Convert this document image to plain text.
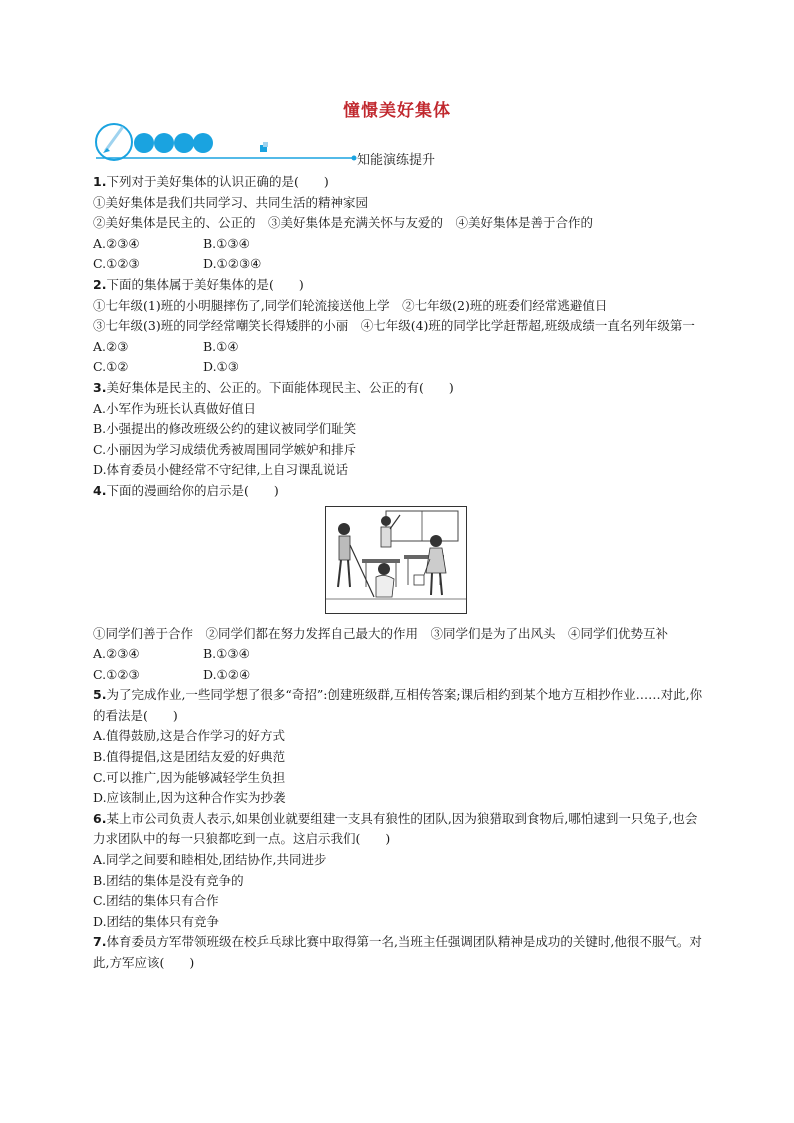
憧憬美好集体
知能演练提升
1.下列对于美好集体的认识正确的是(　　)
①美好集体是我们共同学习、共同生活的精神家园
②美好集体是民主的、公正的　③美好集体是充满关怀与友爱的　④美好集体是善于合作的
A.②③④	B.①③④
C.①②③	D.①②③④
2.下面的集体属于美好集体的是(　　)
①七年级(1)班的小明腿摔伤了,同学们轮流接送他上学　②七年级(2)班的班委们经常逃避值日
③七年级(3)班的同学经常嘲笑长得矮胖的小丽　④七年级(4)班的同学比学赶帮超,班级成绩一直名列年级第一
A.②③	B.①④
C.①②	D.①③
3.美好集体是民主的、公正的。下面能体现民主、公正的有(　　)
A.小军作为班长认真做好值日
B.小强提出的修改班级公约的建议被同学们耻笑
C.小丽因为学习成绩优秀被周围同学嫉妒和排斥
D.体育委员小健经常不守纪律,上自习课乱说话
4.下面的漫画给你的启示是(　　)
①同学们善于合作　②同学们都在努力发挥自己最大的作用　③同学们是为了出风头　④同学们优势互补
A.②③④	B.①③④
C.①②③	D.①②④
5.为了完成作业,一些同学想了很多“奇招”:创建班级群,互相传答案;课后相约到某个地方互相抄作业……对此,你的看法是(　　)
A.值得鼓励,这是合作学习的好方式
B.值得提倡,这是团结友爱的好典范
C.可以推广,因为能够减轻学生负担
D.应该制止,因为这种合作实为抄袭
6.某上市公司负责人表示,如果创业就要组建一支具有狼性的团队,因为狼猎取到食物后,哪怕逮到一只兔子,也会力求团队中的每一只狼都吃到一点。这启示我们(　　)
A.同学之间要和睦相处,团结协作,共同进步
B.团结的集体是没有竞争的
C.团结的集体只有合作
D.团结的集体只有竞争
7.体育委员方军带领班级在校乒乓球比赛中取得第一名,当班主任强调团队精神是成功的关键时,他很不服气。对此,方军应该(　　)
